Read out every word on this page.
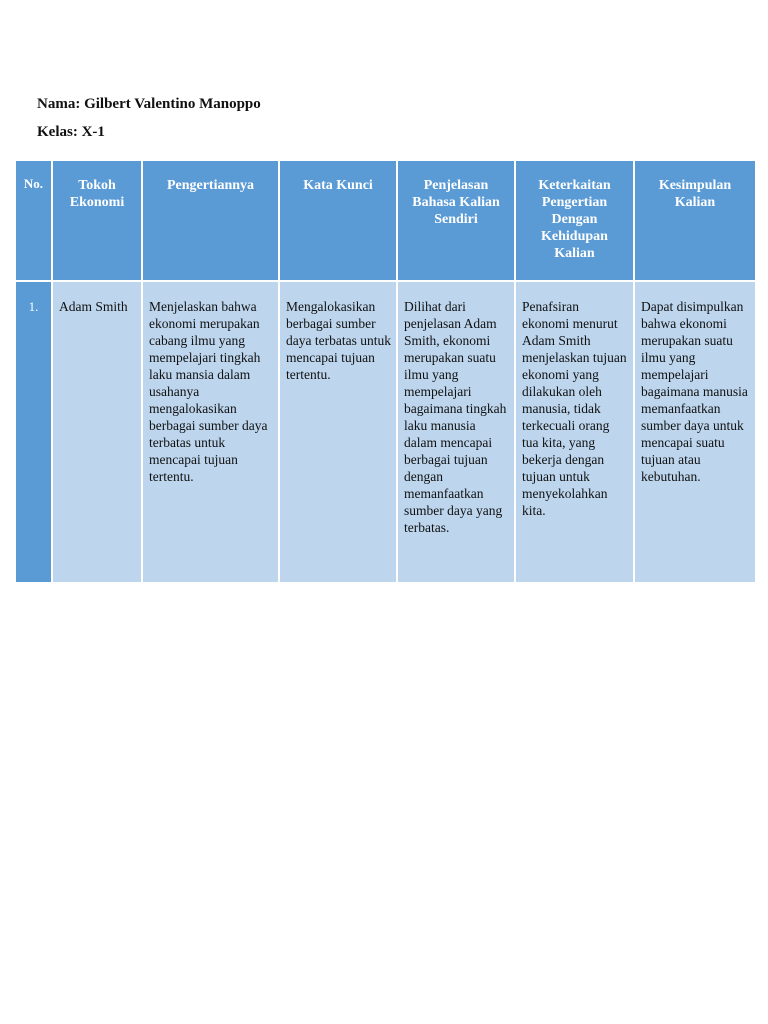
Nama: Gilbert Valentino Manoppo
Kelas: X-1
No.	Tokoh Ekonomi	Pengertiannya	Kata Kunci	Penjelasan Bahasa Kalian Sendiri	Keterkaitan Pengertian Dengan Kehidupan Kalian	Kesimpulan Kalian

1.	Adam Smith	Menjelaskan bahwa ekonomi merupakan cabang ilmu yang mempelajari tingkah laku mansia dalam usahanya mengalokasikan berbagai sumber daya terbatas untuk mencapai tujuan tertentu.	Mengalokasikan berbagai sumber daya terbatas untuk mencapai tujuan tertentu.	Dilihat dari penjelasan Adam Smith, ekonomi merupakan suatu ilmu yang mempelajari bagaimana tingkah laku manusia dalam mencapai berbagai tujuan dengan memanfaatkan sumber daya yang terbatas.	Penafsiran ekonomi menurut Adam Smith menjelaskan tujuan ekonomi yang dilakukan oleh manusia, tidak terkecuali orang tua kita, yang bekerja dengan tujuan untuk menyekolahkan kita.	Dapat disimpulkan bahwa ekonomi merupakan suatu ilmu yang mempelajari bagaimana manusia memanfaatkan sumber daya untuk mencapai suatu tujuan atau kebutuhan.
